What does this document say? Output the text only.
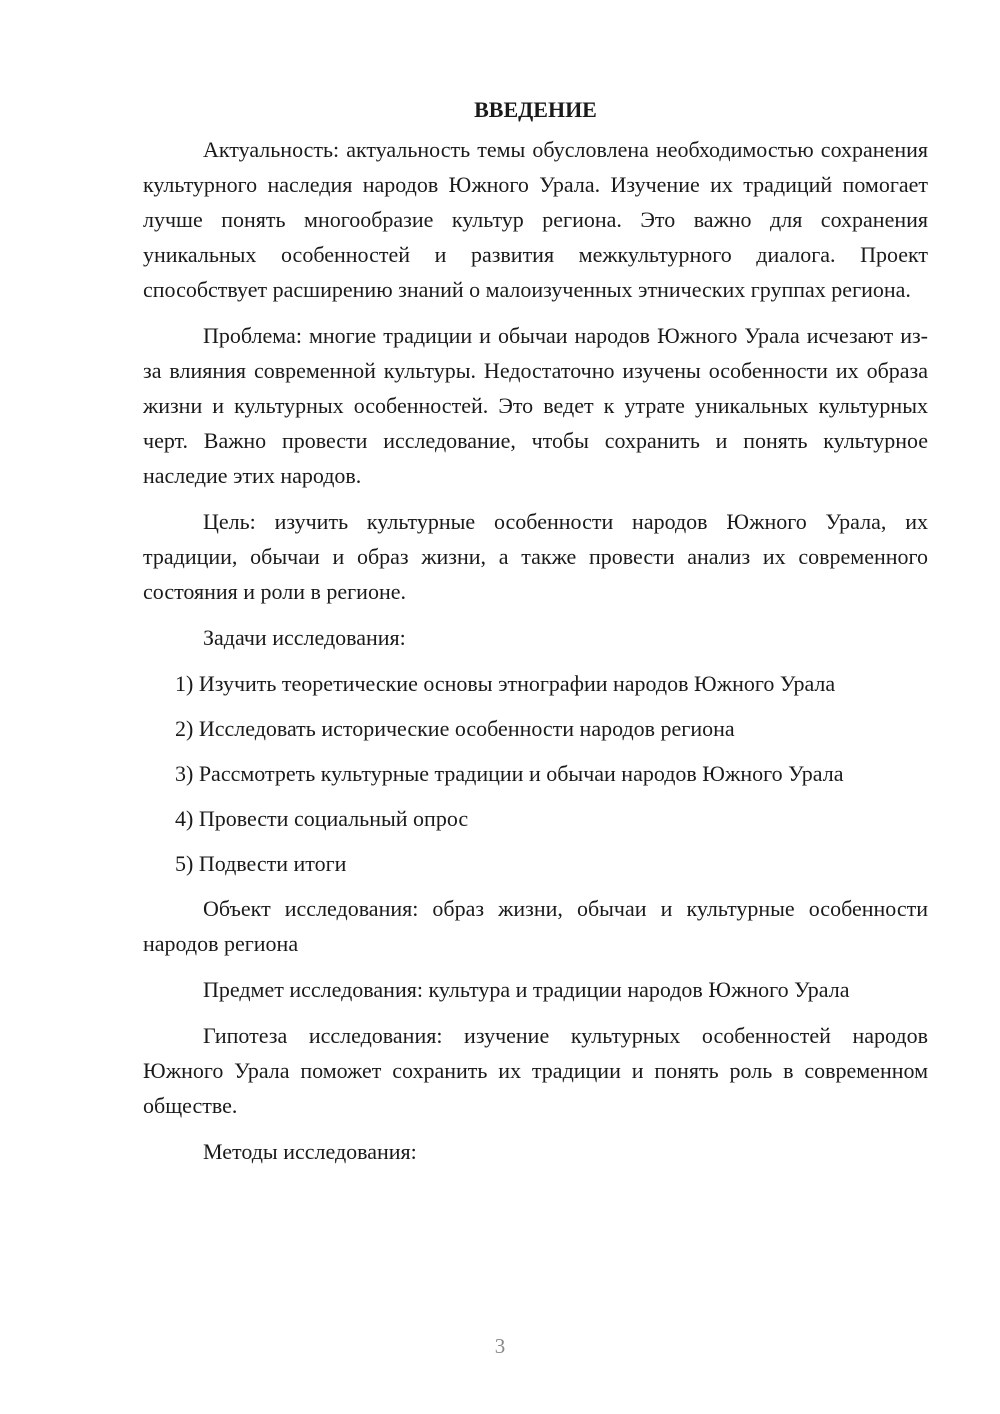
ВВЕДЕНИЕ

Актуальность: актуальность темы обусловлена необходимостью сохранения культурного наследия народов Южного Урала. Изучение их традиций помогает лучше понять многообразие культур региона. Это важно для сохранения уникальных особенностей и развития межкультурного диалога. Проект способствует расширению знаний о малоизученных этнических группах региона.

Проблема: многие традиции и обычаи народов Южного Урала исчезают из-за влияния современной культуры. Недостаточно изучены особенности их образа жизни и культурных особенностей. Это ведет к утрате уникальных культурных черт. Важно провести исследование, чтобы сохранить и понять культурное наследие этих народов.

Цель: изучить культурные особенности народов Южного Урала, их традиции, обычаи и образ жизни, а также провести анализ их современного состояния и роли в регионе.

Задачи исследования:

1) Изучить теоретические основы этнографии народов Южного Урала

2) Исследовать исторические особенности народов региона

3) Рассмотреть культурные традиции и обычаи народов Южного Урала

4) Провести социальный опрос

5) Подвести итоги

Объект исследования: образ жизни, обычаи и культурные особенности народов региона

Предмет исследования: культура и традиции народов Южного Урала

Гипотеза исследования: изучение культурных особенностей народов Южного Урала поможет сохранить их традиции и понять роль в современном обществе.

Методы исследования:

3
